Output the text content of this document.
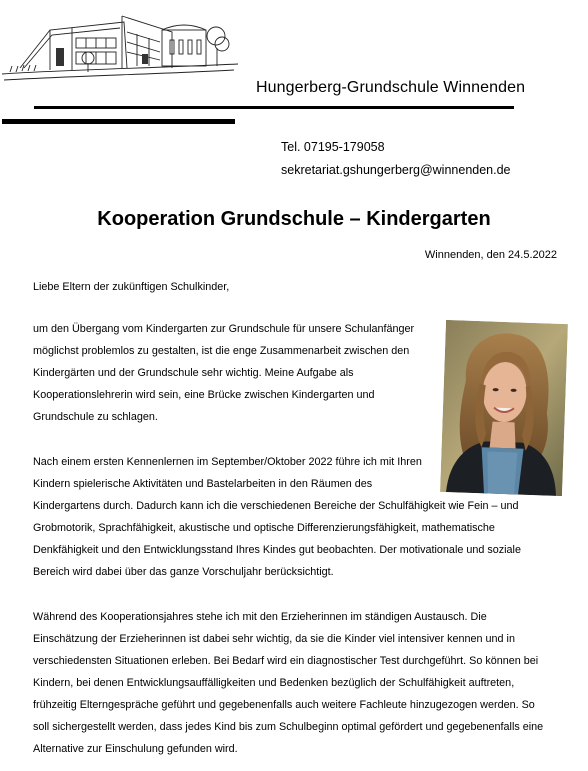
Hungerberg-Grundschule Winnenden
Tel. 07195-179058
sekretariat.gshungerberg@winnenden.de
Kooperation Grundschule – Kindergarten
Winnenden, den 24.5.2022
Liebe Eltern der zukünftigen Schulkinder,
um den Übergang vom Kindergarten zur Grundschule für unsere Schulanfänger
möglichst problemlos zu gestalten, ist die enge Zusammenarbeit zwischen den
Kindergärten und der Grundschule sehr wichtig. Meine Aufgabe als
Kooperationslehrerin wird sein, eine Brücke zwischen Kindergarten und
Grundschule zu schlagen.
Nach einem ersten Kennenlernen im September/Oktober 2022 führe ich mit Ihren
Kindern spielerische Aktivitäten und Bastelarbeiten in den Räumen des
Kindergartens durch. Dadurch kann ich die verschiedenen Bereiche der Schulfähigkeit wie Fein – und
Grobmotorik, Sprachfähigkeit, akustische und optische Differenzierungsfähigkeit, mathematische
Denkfähigkeit und den Entwicklungsstand Ihres Kindes gut beobachten. Der motivationale und soziale
Bereich wird dabei über das ganze Vorschuljahr berücksichtigt.
Während des Kooperationsjahres stehe ich mit den Erzieherinnen im ständigen Austausch. Die
Einschätzung der Erzieherinnen ist dabei sehr wichtig, da sie die Kinder viel intensiver kennen und in
verschiedensten Situationen erleben. Bei Bedarf wird ein diagnostischer Test durchgeführt. So können bei
Kindern, bei denen Entwicklungsauffälligkeiten und Bedenken bezüglich der Schulfähigkeit auftreten,
frühzeitig Elterngespräche geführt und gegebenenfalls auch weitere Fachleute hinzugezogen werden. So
soll sichergestellt werden, dass jedes Kind bis zum Schulbeginn optimal gefördert und gegebenenfalls eine
Alternative zur Einschulung gefunden wird.
